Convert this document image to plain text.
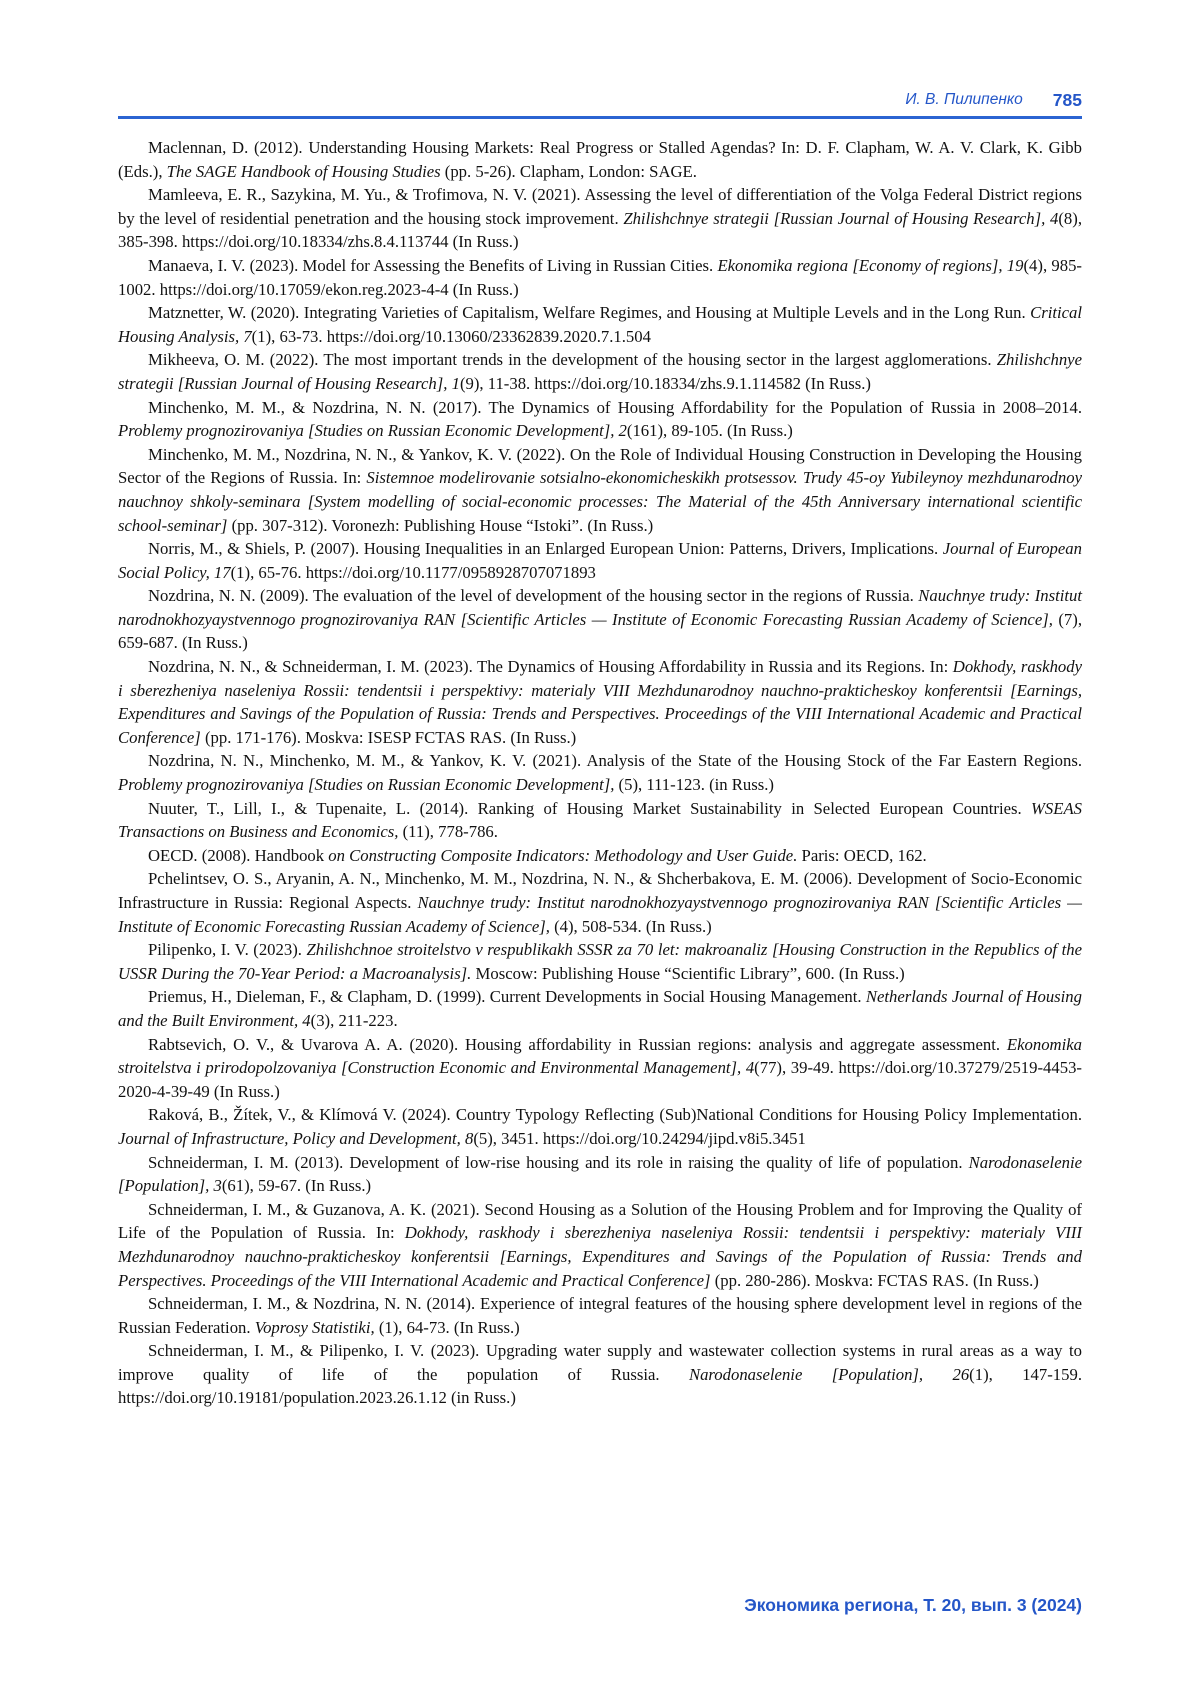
И. В. Пилипенко 785

Maclennan, D. (2012). Understanding Housing Markets: Real Progress or Stalled Agendas? In: D. F. Clapham, W. A. V. Clark, K. Gibb (Eds.), The SAGE Handbook of Housing Studies (pp. 5-26). Clapham, London: SAGE.

Mamleeva, E. R., Sazykina, M. Yu., & Trofimova, N. V. (2021). Assessing the level of differentiation of the Volga Federal District regions by the level of residential penetration and the housing stock improvement. Zhilishchnye strategii [Russian Journal of Housing Research], 4(8), 385-398. https://doi.org/10.18334/zhs.8.4.113744 (In Russ.)

Manaeva, I. V. (2023). Model for Assessing the Benefits of Living in Russian Cities. Ekonomika regiona [Economy of regions], 19(4), 985-1002. https://doi.org/10.17059/ekon.reg.2023-4-4 (In Russ.)

Matznetter, W. (2020). Integrating Varieties of Capitalism, Welfare Regimes, and Housing at Multiple Levels and in the Long Run. Critical Housing Analysis, 7(1), 63-73. https://doi.org/10.13060/23362839.2020.7.1.504

Mikheeva, O. M. (2022). The most important trends in the development of the housing sector in the largest agglomerations. Zhilishchnye strategii [Russian Journal of Housing Research], 1(9), 11-38. https://doi.org/10.18334/zhs.9.1.114582 (In Russ.)

Minchenko, M. M., & Nozdrina, N. N. (2017). The Dynamics of Housing Affordability for the Population of Russia in 2008–2014. Problemy prognozirovaniya [Studies on Russian Economic Development], 2(161), 89-105. (In Russ.)

Minchenko, M. M., Nozdrina, N. N., & Yankov, K. V. (2022). On the Role of Individual Housing Construction in Developing the Housing Sector of the Regions of Russia. In: Sistemnoe modelirovanie sotsialno-ekonomicheskikh protsessov. Trudy 45-oy Yubileynoy mezhdunarodnoy nauchnoy shkoly-seminara [System modelling of social-economic processes: The Material of the 45th Anniversary international scientific school-seminar] (pp. 307-312). Voronezh: Publishing House “Istoki”. (In Russ.)

Norris, M., & Shiels, P. (2007). Housing Inequalities in an Enlarged European Union: Patterns, Drivers, Implications. Journal of European Social Policy, 17(1), 65-76. https://doi.org/10.1177/0958928707071893

Nozdrina, N. N. (2009). The evaluation of the level of development of the housing sector in the regions of Russia. Nauchnye trudy: Institut narodnokhozyaystvennogo prognozirovaniya RAN [Scientific Articles — Institute of Economic Forecasting Russian Academy of Science], (7), 659-687. (In Russ.)

Nozdrina, N. N., & Schneiderman, I. M. (2023). The Dynamics of Housing Affordability in Russia and its Regions. In: Dokhody, raskhody i sberezheniya naseleniya Rossii: tendentsii i perspektivy: materialy VIII Mezhdunarodnoy nauchno-prakticheskoy konferentsii [Earnings, Expenditures and Savings of the Population of Russia: Trends and Perspectives. Proceedings of the VIII International Academic and Practical Conference] (pp. 171-176). Moskva: ISESP FCTAS RAS. (In Russ.)

Nozdrina, N. N., Minchenko, M. M., & Yankov, K. V. (2021). Analysis of the State of the Housing Stock of the Far Eastern Regions. Problemy prognozirovaniya [Studies on Russian Economic Development], (5), 111-123. (in Russ.)

Nuuter, T., Lill, I., & Tupenaite, L. (2014). Ranking of Housing Market Sustainability in Selected European Countries. WSEAS Transactions on Business and Economics, (11), 778-786.

OECD. (2008). Handbook on Constructing Composite Indicators: Methodology and User Guide. Paris: OECD, 162.

Pchelintsev, O. S., Aryanin, A. N., Minchenko, M. M., Nozdrina, N. N., & Shcherbakova, E. M. (2006). Development of Socio-Economic Infrastructure in Russia: Regional Aspects. Nauchnye trudy: Institut narodnokhozyaystvennogo prognozirovaniya RAN [Scientific Articles — Institute of Economic Forecasting Russian Academy of Science], (4), 508-534. (In Russ.)

Pilipenko, I. V. (2023). Zhilishchnoe stroitelstvo v respublikakh SSSR za 70 let: makroanaliz [Housing Construction in the Republics of the USSR During the 70-Year Period: a Macroanalysis]. Moscow: Publishing House “Scientific Library”, 600. (In Russ.)

Priemus, H., Dieleman, F., & Clapham, D. (1999). Current Developments in Social Housing Management. Netherlands Journal of Housing and the Built Environment, 4(3), 211-223.

Rabtsevich, O. V., & Uvarova A. A. (2020). Housing affordability in Russian regions: analysis and aggregate assessment. Ekonomika stroitelstva i prirodopolzovaniya [Construction Economic and Environmental Management], 4(77), 39-49. https://doi.org/10.37279/2519-4453-2020-4-39-49 (In Russ.)

Raková, B., Žítek, V., & Klímová V. (2024). Country Typology Reflecting (Sub)National Conditions for Housing Policy Implementation. Journal of Infrastructure, Policy and Development, 8(5), 3451. https://doi.org/10.24294/jipd.v8i5.3451

Schneiderman, I. M. (2013). Development of low-rise housing and its role in raising the quality of life of population. Narodonaselenie [Population], 3(61), 59-67. (In Russ.)

Schneiderman, I. M., & Guzanova, A. K. (2021). Second Housing as a Solution of the Housing Problem and for Improving the Quality of Life of the Population of Russia. In: Dokhody, raskhody i sberezheniya naseleniya Rossii: tendentsii i perspektivy: materialy VIII Mezhdunarodnoy nauchno-prakticheskoy konferentsii [Earnings, Expenditures and Savings of the Population of Russia: Trends and Perspectives. Proceedings of the VIII International Academic and Practical Conference] (pp. 280-286). Moskva: FCTAS RAS. (In Russ.)

Schneiderman, I. M., & Nozdrina, N. N. (2014). Experience of integral features of the housing sphere development level in regions of the Russian Federation. Voprosy Statistiki, (1), 64-73. (In Russ.)

Schneiderman, I. M., & Pilipenko, I. V. (2023). Upgrading water supply and wastewater collection systems in rural areas as a way to improve quality of life of the population of Russia. Narodonaselenie [Population], 26(1), 147-159. https://doi.org/10.19181/population.2023.26.1.12 (in Russ.)

Экономика региона, Т. 20, вып. 3 (2024)
